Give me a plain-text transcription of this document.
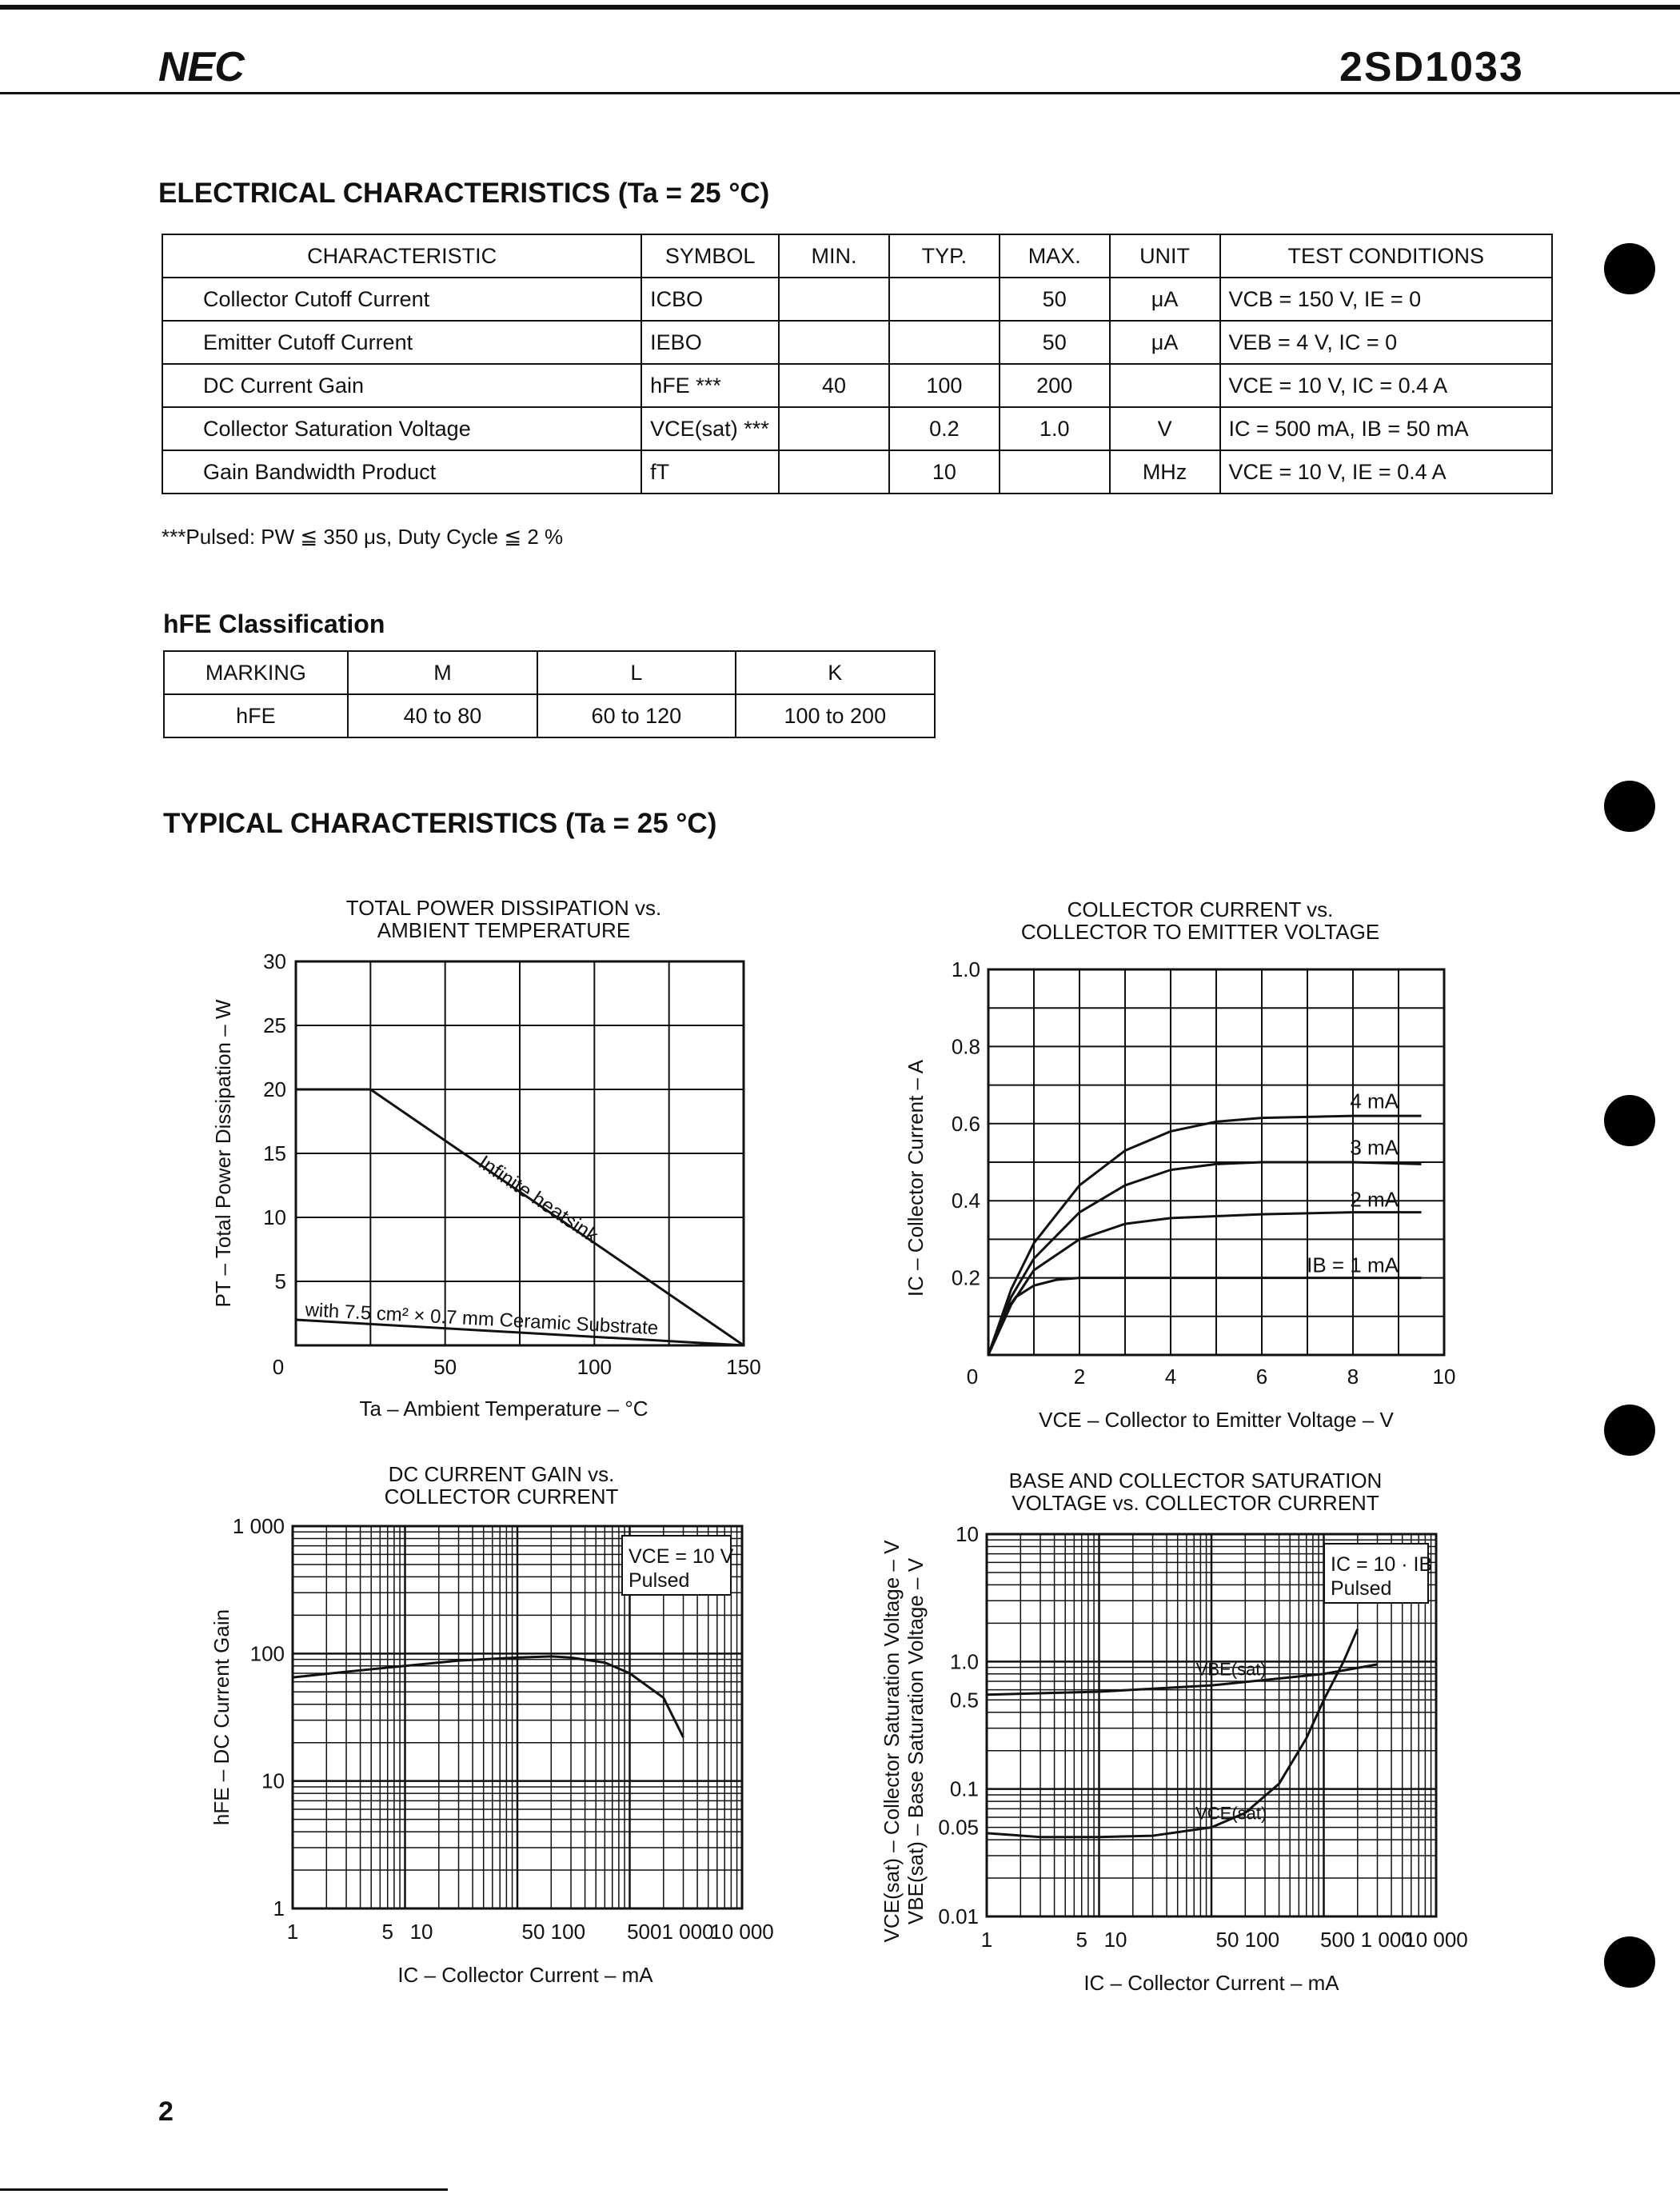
NEC	2SD1033
ELECTRICAL CHARACTERISTICS (Ta = 25 °C)
CHARACTERISTIC	SYMBOL	MIN.	TYP.	MAX.	UNIT	TEST CONDITIONS
Collector Cutoff Current	ICBO			50	μA	VCB = 150 V, IE = 0
Emitter Cutoff Current	IEBO			50	μA	VEB = 4 V, IC = 0
DC Current Gain	hFE ***	40	100	200		VCE = 10 V, IC = 0.4 A
Collector Saturation Voltage	VCE(sat) ***		0.2	1.0	V	IC = 500 mA, IB = 50 mA
Gain Bandwidth Product	fT		10		MHz	VCE = 10 V, IE = 0.4 A
***Pulsed: PW ≦ 350 μs, Duty Cycle ≦ 2 %
hFE Classification
MARKING	M	L	K
hFE	40 to 80	60 to 120	100 to 200
TYPICAL CHARACTERISTICS (Ta = 25 °C)
TOTAL POWER DISSIPATION vs.
AMBIENT TEMPERATURE
0	50	100	150
5
10
15
20
25
30
Ta – Ambient Temperature – °C
PT – Total Power Dissipation – W	Infinite heatsink
with 7.5 cm² × 0.7 mm Ceramic Substrate
COLLECTOR CURRENT vs.
COLLECTOR TO EMITTER VOLTAGE
0	2	4	6	8	10
0.2
0.4
0.6
0.8
1.0
VCE – Collector to Emitter Voltage – V
IC – Collector Current – A	4 mA
3 mA
2 mA
IB = 1 mA
DC CURRENT GAIN vs.
COLLECTOR CURRENT
1	5 10	50 100 5001 000
10 000
1
10
100
1 000
IC – Collector Current – mA
hFE – DC Current Gain
VCE = 10 V
Pulsed
BASE AND COLLECTOR SATURATION
VOLTAGE vs. COLLECTOR CURRENT
1	5 10	50 100 500 1 000
10 000
0.01
0.05
0.1
0.5
1.0
10
IC – Collector Current – mA
VCE(sat) – Collector Saturation Voltage – V VBE(sat) – Base Saturation Voltage – V	IC = 10 · IB
Pulsed
VBE(sat)
VCE(sat)
2
